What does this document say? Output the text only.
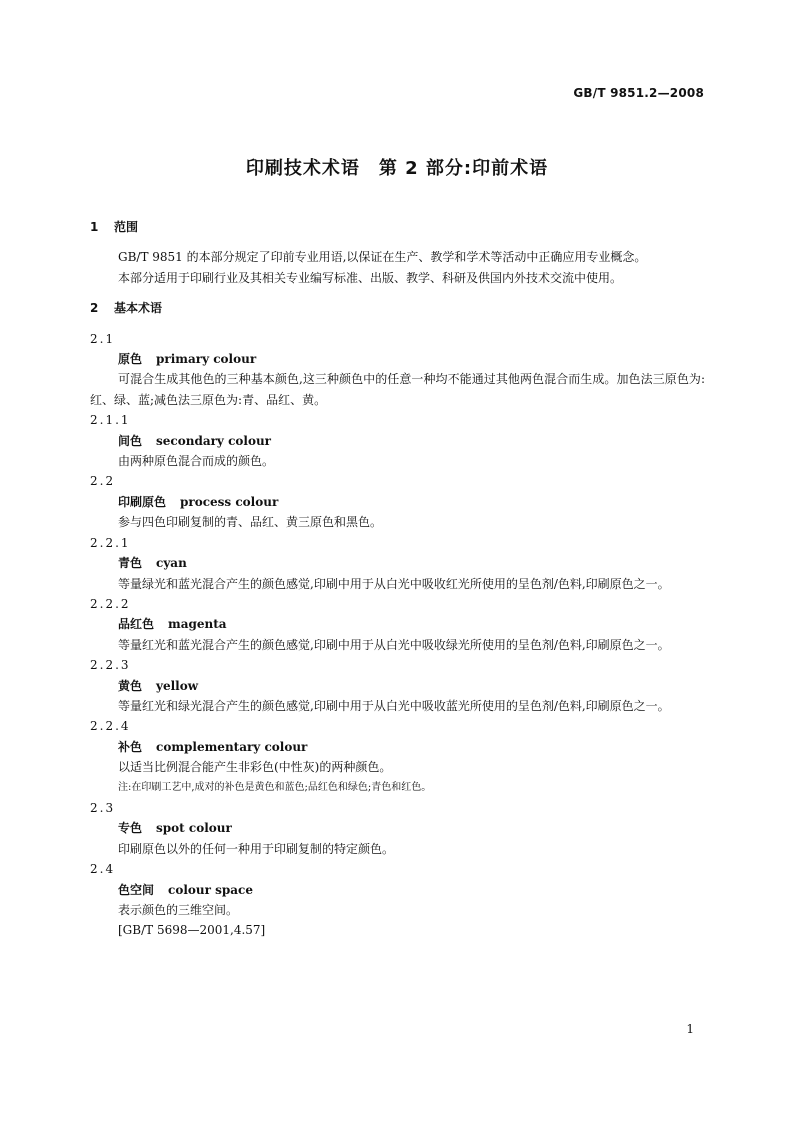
GB/T 9851.2—2008
印刷技术术语　第 2 部分:印前术语
1 范围
GB/T 9851 的本部分规定了印前专业用语,以保证在生产、教学和学术等活动中正确应用专业概念。
本部分适用于印刷行业及其相关专业编写标准、出版、教学、科研及供国内外技术交流中使用。
2 基本术语
2.1
原色 primary colour
可混合生成其他色的三种基本颜色,这三种颜色中的任意一种均不能通过其他两色混合而生成。加色法三原色为:红、绿、蓝;减色法三原色为:青、品红、黄。
2.1.1
间色 secondary colour
由两种原色混合而成的颜色。
2.2
印刷原色 process colour
参与四色印刷复制的青、品红、黄三原色和黑色。
2.2.1
青色 cyan
等量绿光和蓝光混合产生的颜色感觉,印刷中用于从白光中吸收红光所使用的呈色剂/色料,印刷原色之一。
2.2.2
品红色 magenta
等量红光和蓝光混合产生的颜色感觉,印刷中用于从白光中吸收绿光所使用的呈色剂/色料,印刷原色之一。
2.2.3
黄色 yellow
等量红光和绿光混合产生的颜色感觉,印刷中用于从白光中吸收蓝光所使用的呈色剂/色料,印刷原色之一。
2.2.4
补色 complementary colour
以适当比例混合能产生非彩色(中性灰)的两种颜色。
注:在印刷工艺中,成对的补色是黄色和蓝色;品红色和绿色;青色和红色。
2.3
专色 spot colour
印刷原色以外的任何一种用于印刷复制的特定颜色。
2.4
色空间 colour space
表示颜色的三维空间。
[GB/T 5698—2001,4.57]
1
